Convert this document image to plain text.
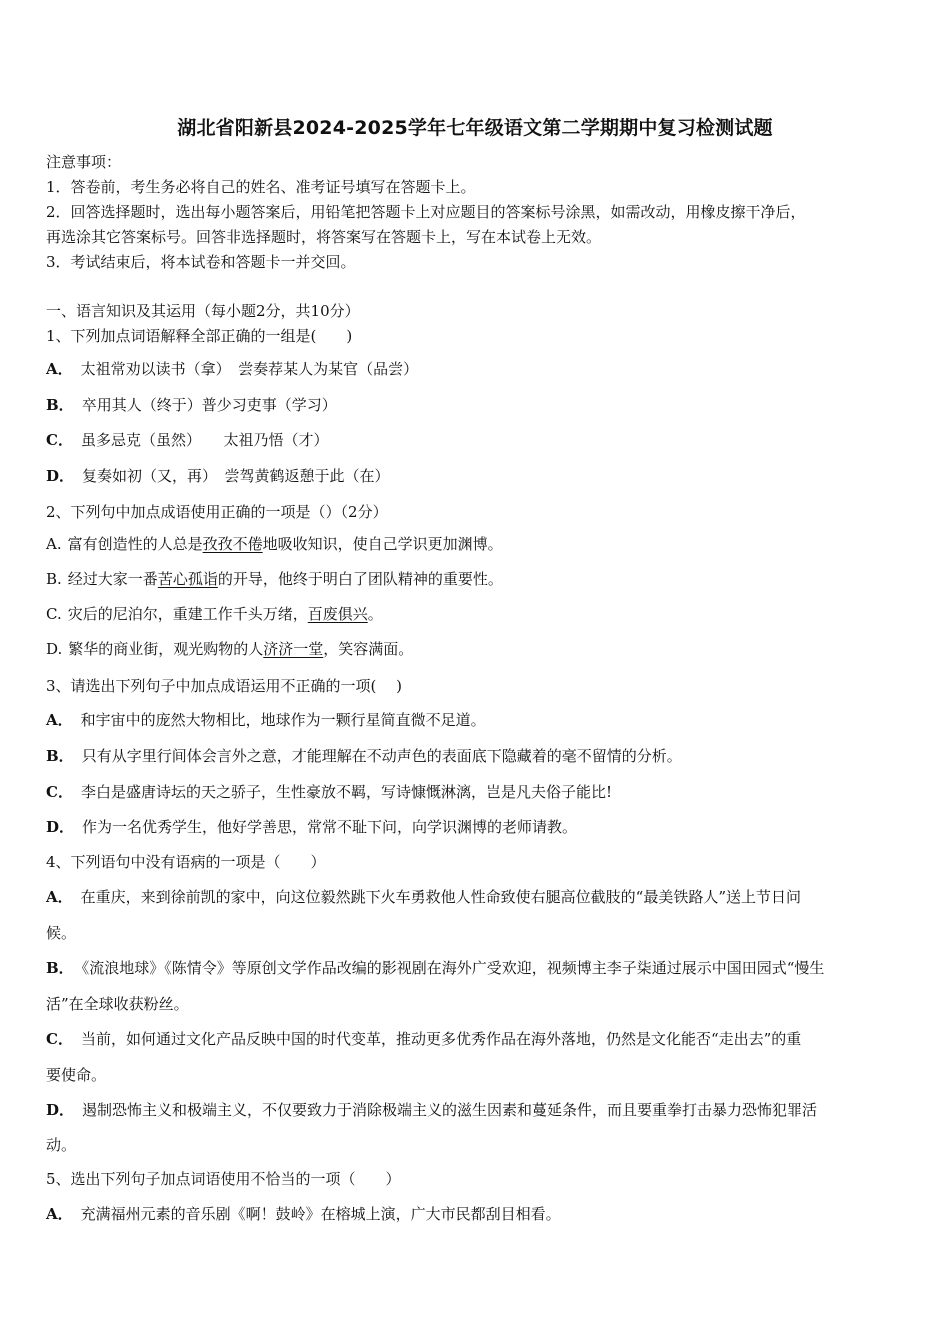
湖北省阳新县2024-2025学年七年级语文第二学期期中复习检测试题
注意事项：
1．答卷前，考生务必将自己的姓名、准考证号填写在答题卡上。
2．回答选择题时，选出每小题答案后，用铅笔把答题卡上对应题目的答案标号涂黑，如需改动，用橡皮擦干净后，
再选涂其它答案标号。回答非选择题时，将答案写在答题卡上，写在本试卷上无效。
3．考试结束后，将本试卷和答题卡一并交回。
一、语言知识及其运用（每小题2分，共10分）
1、下列加点词语解释全部正确的一组是(　　)
A． 太祖常劝以读书（拿）　尝奏荐某人为某官（品尝）
B． 卒用其人（终于）普少习吏事（学习）
C． 虽多忌克（虽然）　　太祖乃悟（才）
D． 复奏如初（又，再）　尝驾黄鹤返憩于此（在）
2、下列句中加点成语使用正确的一项是（）（2分）
A. 富有创造性的人总是孜孜不倦地吸收知识，使自己学识更加渊博。
B. 经过大家一番苦心孤诣的开导，他终于明白了团队精神的重要性。
C. 灾后的尼泊尔，重建工作千头万绪，百废俱兴。
D. 繁华的商业街，观光购物的人济济一堂，笑容满面。
3、请选出下列句子中加点成语运用不正确的一项(　 )
A． 和宇宙中的庞然大物相比，地球作为一颗行星简直微不足道。
B． 只有从字里行间体会言外之意，才能理解在不动声色的表面底下隐藏着的毫不留情的分析。
C． 李白是盛唐诗坛的天之骄子，生性豪放不羁，写诗慷慨淋漓，岂是凡夫俗子能比!
D． 作为一名优秀学生，他好学善思，常常不耻下问，向学识渊博的老师请教。
4、下列语句中没有语病的一项是（　　）
A． 在重庆，来到徐前凯的家中，向这位毅然跳下火车勇救他人性命致使右腿高位截肢的“最美铁路人”送上节日问
候。
B． 《流浪地球》《陈情令》等原创文学作品改编的影视剧在海外广受欢迎，视频博主李子柒通过展示中国田园式“慢生
活”在全球收获粉丝。
C． 当前，如何通过文化产品反映中国的时代变革，推动更多优秀作品在海外落地，仍然是文化能否“走出去”的重
要使命。
D． 遏制恐怖主义和极端主义，不仅要致力于消除极端主义的滋生因素和蔓延条件，而且要重拳打击暴力恐怖犯罪活
动。
5、选出下列句子加点词语使用不恰当的一项（　　）
A． 充满福州元素的音乐剧《啊！鼓岭》在榕城上演，广大市民都刮目相看。
